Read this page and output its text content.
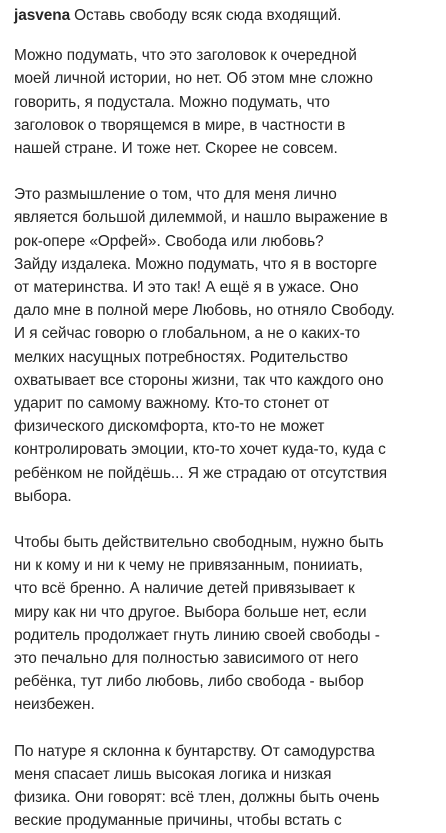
jasvena Оставь свободу всяк сюда входящий.
Можно подумать, что это заголовок к очередной
моей личной истории, но нет. Об этом мне сложно
говорить, я подустала. Можно подумать, что
заголовок о творящемся в мире, в частности в
нашей стране. И тоже нет. Скорее не совсем.
Это размышление о том, что для меня лично
является большой дилеммой, и нашло выражение в
рок-опере «Орфей». Свобода или любовь?
Зайду издалека. Можно подумать, что я в восторге
от материнства. И это так! А ещё я в ужасе. Оно
дало мне в полной мере Любовь, но отняло Свободу.
И я сейчас говорю о глобальном, а не о каких-то
мелких насущных потребностях. Родительство
охватывает все стороны жизни, так что каждого оно
ударит по самому важному. Кто-то стонет от
физического дискомфорта, кто-то не может
контролировать эмоции, кто-то хочет куда-то, куда с
ребёнком не пойдёшь... Я же страдаю от отсутствия
выбора.
Чтобы быть действительно свободным, нужно быть
ни к кому и ни к чему не привязанным, понииать,
что всё бренно. А наличие детей привязывает к
миру как ни что другое. Выбора больше нет, если
родитель продолжает гнуть линию своей свободы -
это печально для полностью зависимого от него
ребёнка, тут либо любовь, либо свобода - выбор
неизбежен.
По натуре я склонна к бунтарству. От самодурства
меня спасает лишь высокая логика и низкая
физика. Они говорят: всё тлен, должны быть очень
веские продуманные причины, чтобы встать с
